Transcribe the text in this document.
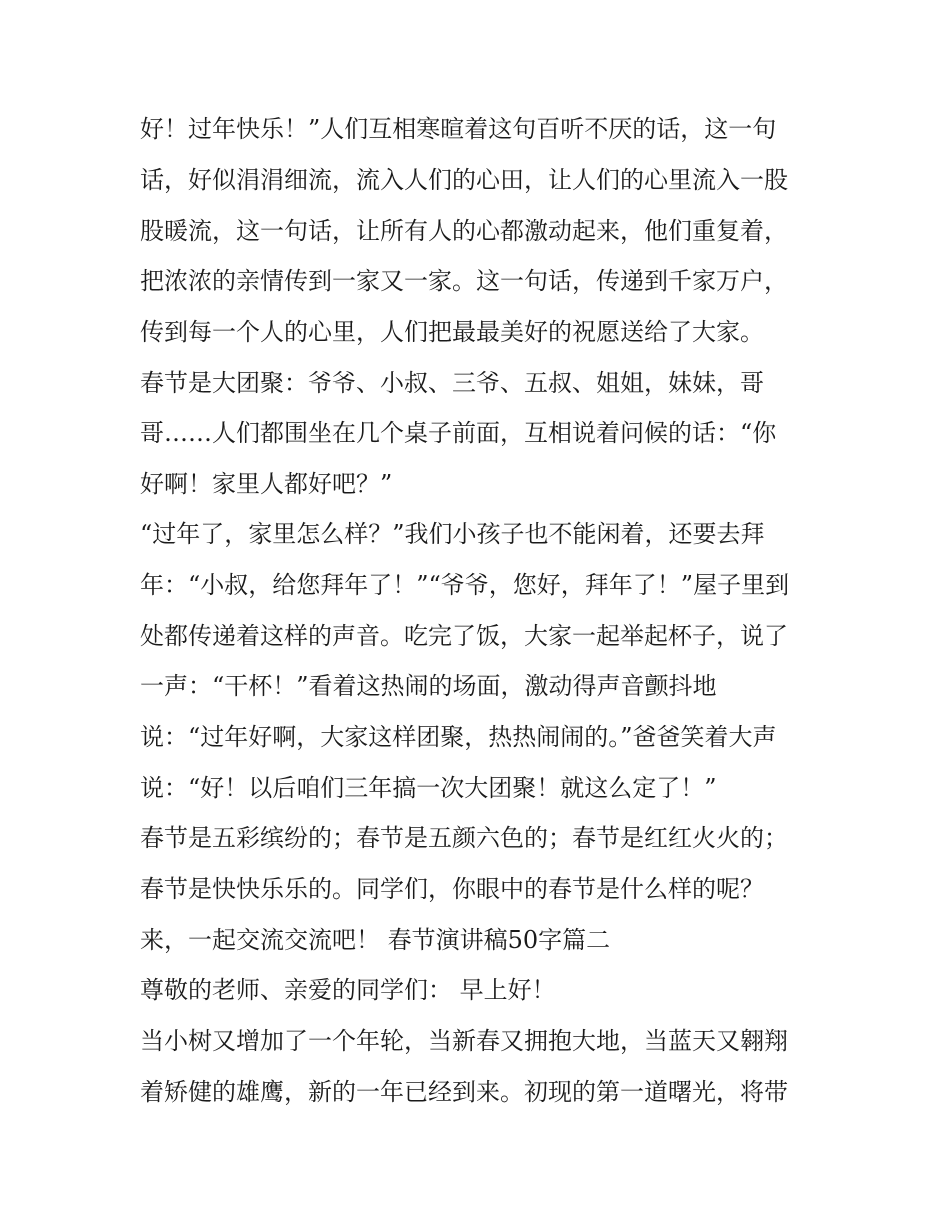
好！过年快乐！”人们互相寒暄着这句百听不厌的话，这一句
话，好似涓涓细流，流入人们的心田，让人们的心里流入一股
股暖流，这一句话，让所有人的心都激动起来，他们重复着，
把浓浓的亲情传到一家又一家。这一句话，传递到千家万户，
传到每一个人的心里，人们把最最美好的祝愿送给了大家。
春节是大团聚：爷爷、小叔、三爷、五叔、姐姐，妹妹，哥
哥……人们都围坐在几个桌子前面，互相说着问候的话：“你
好啊！家里人都好吧？”
“过年了，家里怎么样？”我们小孩子也不能闲着，还要去拜
年：“小叔，给您拜年了！”“爷爷，您好，拜年了！”屋子里到
处都传递着这样的声音。吃完了饭，大家一起举起杯子，说了
一声：“干杯！”看着这热闹的场面，激动得声音颤抖地
说：“过年好啊，大家这样团聚，热热闹闹的。”爸爸笑着大声
说：“好！以后咱们三年搞一次大团聚！就这么定了！”
春节是五彩缤纷的；春节是五颜六色的；春节是红红火火的；
春节是快快乐乐的。同学们，你眼中的春节是什么样的呢？
来，一起交流交流吧！ 春节演讲稿50字篇二
尊敬的老师、亲爱的同学们： 早上好！
当小树又增加了一个年轮，当新春又拥抱大地，当蓝天又翱翔
着矫健的雄鹰，新的一年已经到来。初现的第一道曙光，将带
